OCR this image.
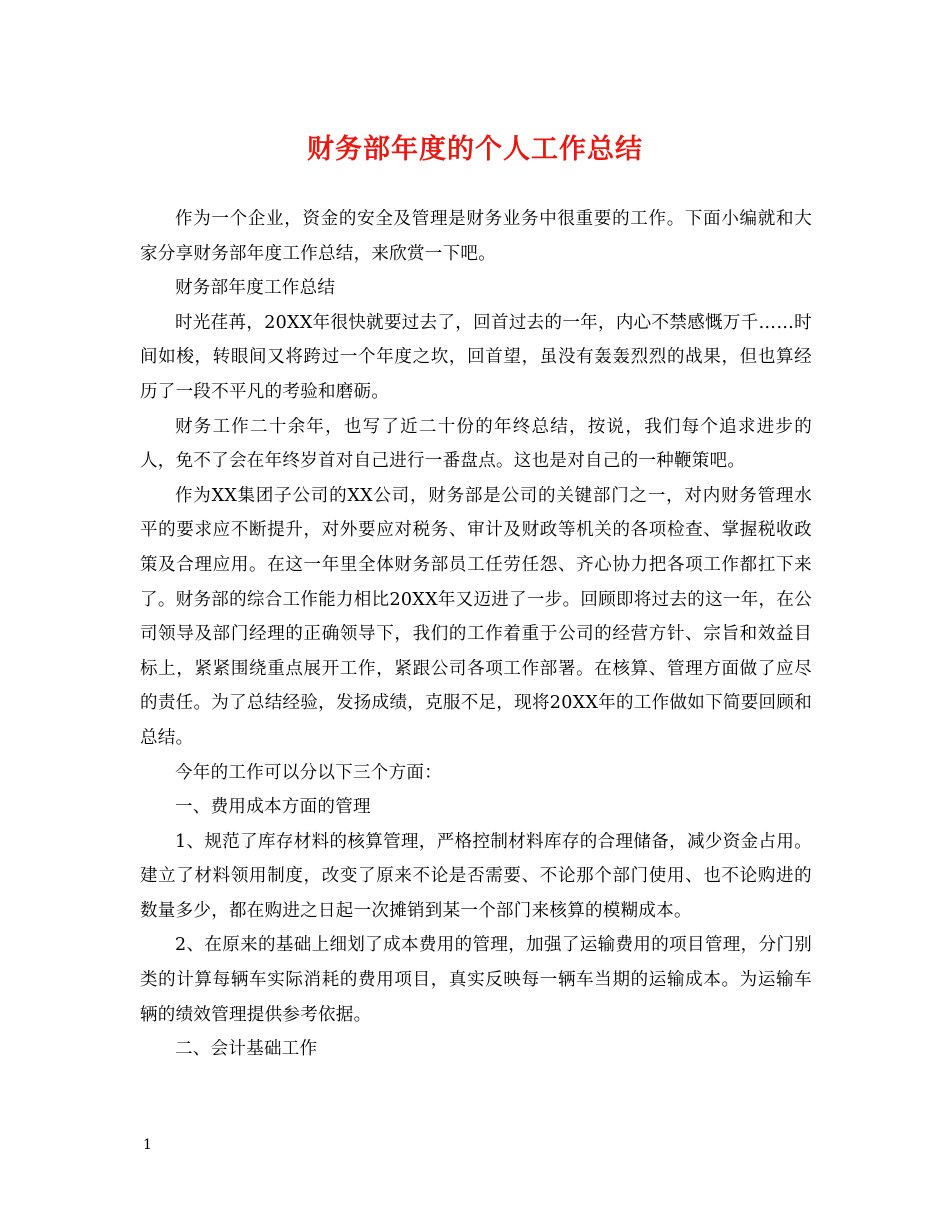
财务部年度的个人工作总结

作为一个企业，资金的安全及管理是财务业务中很重要的工作。下面小编就和大家分享财务部年度工作总结，来欣赏一下吧。

财务部年度工作总结

时光荏苒，20XX年很快就要过去了，回首过去的一年，内心不禁感慨万千……时间如梭，转眼间又将跨过一个年度之坎，回首望，虽没有轰轰烈烈的战果，但也算经历了一段不平凡的考验和磨砺。

财务工作二十余年，也写了近二十份的年终总结，按说，我们每个追求进步的人，免不了会在年终岁首对自己进行一番盘点。这也是对自己的一种鞭策吧。

作为XX集团子公司的XX公司，财务部是公司的关键部门之一，对内财务管理水平的要求应不断提升，对外要应对税务、审计及财政等机关的各项检查、掌握税收政策及合理应用。在这一年里全体财务部员工任劳任怨、齐心协力把各项工作都扛下来了。财务部的综合工作能力相比20XX年又迈进了一步。回顾即将过去的这一年，在公司领导及部门经理的正确领导下，我们的工作着重于公司的经营方针、宗旨和效益目标上，紧紧围绕重点展开工作，紧跟公司各项工作部署。在核算、管理方面做了应尽的责任。为了总结经验，发扬成绩，克服不足，现将20XX年的工作做如下简要回顾和总结。

今年的工作可以分以下三个方面：

一、费用成本方面的管理

1、规范了库存材料的核算管理，严格控制材料库存的合理储备，减少资金占用。建立了材料领用制度，改变了原来不论是否需要、不论那个部门使用、也不论购进的数量多少，都在购进之日起一次摊销到某一个部门来核算的模糊成本。

2、在原来的基础上细划了成本费用的管理，加强了运输费用的项目管理，分门别类的计算每辆车实际消耗的费用项目，真实反映每一辆车当期的运输成本。为运输车辆的绩效管理提供参考依据。

二、会计基础工作

1
